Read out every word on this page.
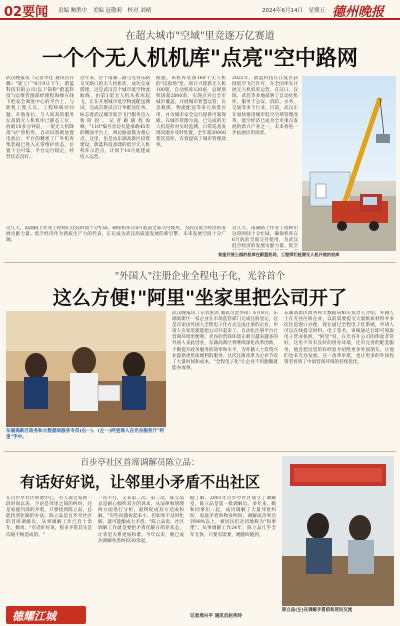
02要闻 责编 鲍胜中　美编 冠敬莉　校对 刘晴	2024年6月14日　星期五 德州晚报
在超大城市"空域"里竞逐万亿赛道
一个个无人机机库"点亮"空中路网

武汉晚报讯（记者李佳 通讯员许腾）"轮工厂"6月9日下午，蔚蓝科技有限公司(以下简称"蔚蓝科技")运维管理部经理程海峰在线下把安全调度中心的平台上，与轮机工程人员、工程师核对问题。在他身后，与人间高的服务坛高塔无人机机库已静态工位，放眼10多分钟前，一架无人机降落"站"进机库，自动识别被放置电池后，平台的精密工厂外机库集装箱已进入正常维护状态。位置十分可靠，平台运行稳定，经营状态良好。

近年来，位于南湖二路与光谷东路交叉路口的无人机机库，成功完成搭建。这是武汉首个城市低空物流航线，由第1架无人机从机库起飞，正在开展城市低空物流配送测试，完成首批试点订单配送任务，标志着武汉城市低空飞行服务迈入新阶段。记者跟随程海峰，"110"编号旁边有能承载45米的侧面平台上，两边路面都为重心点，这里，也是由东湖高新区投资建设，蔚蓝科技承建的低空无人机机库示范点，计划于10月底建成投入运营。

据悉，该机库装备160个无人机的"试验场"里，预计兴建新无人机100架。自动机库120座，总规划机场超2000余，实现点对点全市城市覆盖，开展城市智慧运管、应急救援、物流配送等多元场景应用，并为城市安全运行提供可靠保障。在城市管理方面，已完成的无人机巡检对实时监测、日常巡查发现问题并及时处置，全年超30000架次巡检，有效提高了城市管理效率。

2022年，蔚蓝科技在江夏区获批低空飞行许可，在全国率先开展无人机机库运营，在汉口、汉阳、武昌等多地部署了自动化机库，服务于公安、消防、水务、交通等多个行业。目前，武汉正在加快推进城市低空空域管理改革，低空经济已成为全市重点发展的新兴产业之一，未来将进一步拓展应用场景。

这几天，南湖路上作业工程师们这段时间十分忙碌，确保机库在6月底前全部交付使用，为武汉低空经济的发展贡献力量。低空

首座开放公园的机库在蔚蓝机场，工程师们检测无人机开装的机库

这几天，南湖路上作业工程师们这段时间十分忙碌，确保机库在6月底前全部交付使用，为武汉低空经济的发展贡献力量。低空经济作为新质生产力的代表，正在成为武汉高质量发展的新引擎，未来发展空间十分广阔。

"外国人"注册企业全程电子化，光谷首个
这么方便!"阿里"坐家里把公司开了
东湖高新区政务和大数据局服务专员(右一)、(左一)阿里商人在光谷服务厅"阿里"手中。

武汉晚报讯（记者张鸽 通讯员金李锋）6月8日，东湖高新区一家企业在市场监管部门完成注册登记，这是首家由外国人全程电子化方式完成注册的企业，申请人在家里就能把公司开起来了。自动化注册平台让营商环境更便利。光谷的营商环境正吸引越来越多的外国人来此创业，东湖高新区将继续深化改革创新，不断提升政务服务的效率和水平，为外籍人士投资兴业提供更优质便利的服务。这次注册改革为企业节省了大量时间和成本，"全程电子化"让企业不用跑腿就能办成事。

东湖高新区政务和大数据局相关负责人介绍，外籍人士在光谷注册企业，以前需要提交大量纸质材料并多次往返窗口办理，现在通过全程电子化系统，申请人可以在线提交材料、电子签名，审核通过后即可领取电子营业执照。"阿里"说，在光谷开公司的体验非常好，这里不仅有良好的创业环境，还有完善的配套服务，他会把这里的好经验介绍给更多外国朋友，让他们也来光谷发展。这一改革举措，也让更多的外国投资者看到了中国营商环境的持续优化。

百步亭社区首席调解员陈立品：
有话好好说，让邻里小矛盾不出社区

在百步亭社区和谐中心，有人说这家新一段时间以来，不论是邻里之间的纠纷，还是家庭内部的矛盾，只要找到陈立品，总能找到化解的办法。陈立品是百步亭社区的首席调解员，从事调解工作已有十余年，她说："有话好好说，很多矛盾其实是沟通不畅造成的。"

一次不行，又来第二次、第三次，陈立品总是耐心倾听双方的诉求，从法律和情理两方面进行分析，最终促成双方达成和解。"有些问题看起来小，但如果不及时化解，就可能酿成大矛盾。"陈立品说，社区调解工作就是要把矛盾化解在萌芽状态，让邻里关系更加和谐。今年以来，她已成功调解各类纠纷30余起。

据了解，2001年百步亭社区成立了调解室，陈立品是第一批调解员。多年来，她和同事们一起，成功调解了大量邻里纠纷、家庭矛盾和物业纠纷，调解成功率达到98%以上，被居民们亲切地称为"和事佬"。从事调解工作24年，陈立品几乎全年无休，只要有需要，她随叫随到。

记者周兴平 通讯员赵伟玲
德耀江城	陈立品(左)在调解矛盾前和居民交流
